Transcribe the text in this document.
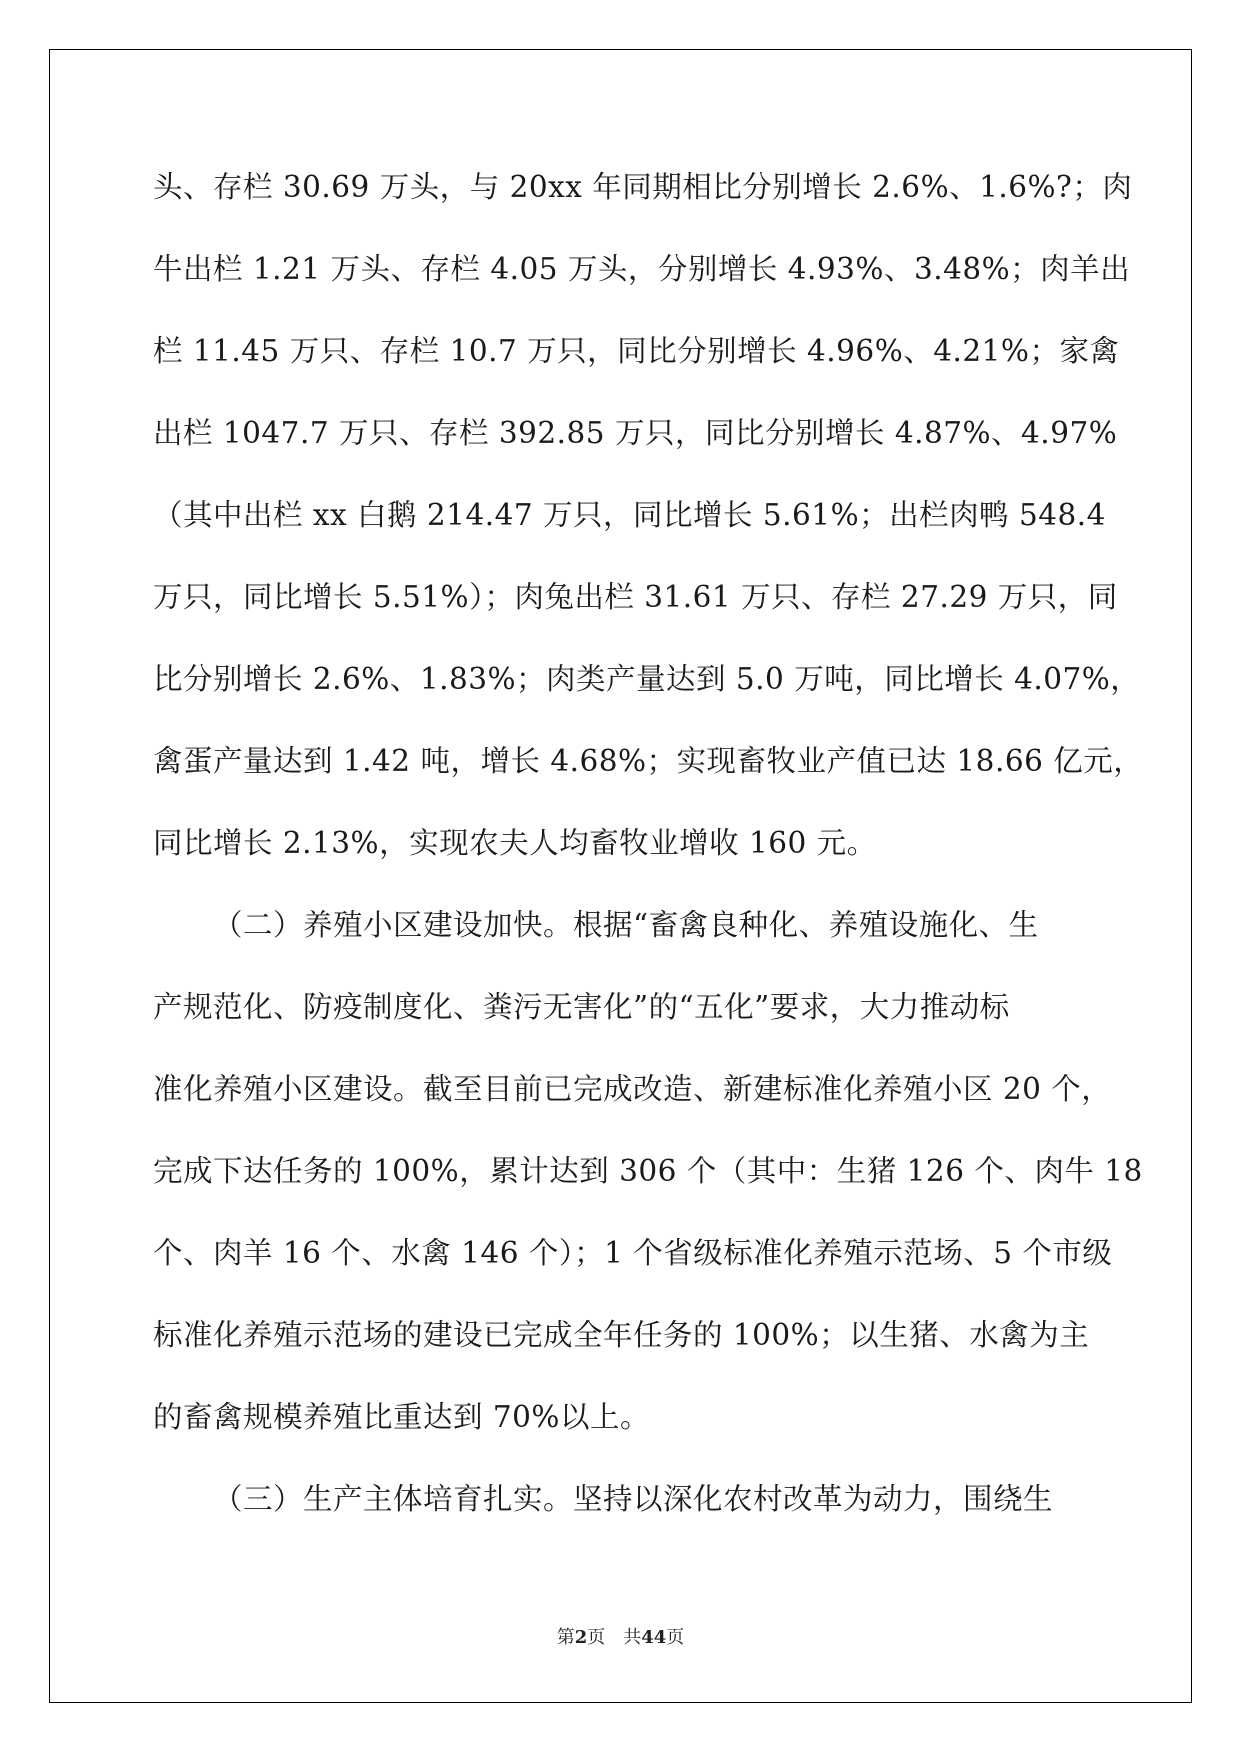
头、存栏 30.69 万头，与 20xx 年同期相比分别增长 2.6%、1.6%?；肉
牛出栏 1.21 万头、存栏 4.05 万头，分别增长 4.93%、3.48%；肉羊出
栏 11.45 万只、存栏 10.7 万只，同比分别增长 4.96%、4.21%；家禽
出栏 1047.7 万只、存栏 392.85 万只，同比分别增长 4.87%、4.97%
（其中出栏 xx 白鹅 214.47 万只，同比增长 5.61%；出栏肉鸭 548.4
万只，同比增长 5.51%）；肉兔出栏 31.61 万只、存栏 27.29 万只，同
比分别增长 2.6%、1.83%；肉类产量达到 5.0 万吨，同比增长 4.07%，
禽蛋产量达到 1.42 吨，增长 4.68%；实现畜牧业产值已达 18.66 亿元，
同比增长 2.13%，实现农夫人均畜牧业增收 160 元。
（二）养殖小区建设加快。根据“畜禽良种化、养殖设施化、生
产规范化、防疫制度化、粪污无害化”的“五化”要求，大力推动标
准化养殖小区建设。截至目前已完成改造、新建标准化养殖小区 20 个，
完成下达任务的 100%，累计达到 306 个（其中：生猪 126 个、肉牛 18
个、肉羊 16 个、水禽 146 个）；1 个省级标准化养殖示范场、5 个市级
标准化养殖示范场的建设已完成全年任务的 100%；以生猪、水禽为主
的畜禽规模养殖比重达到 70%以上。
（三）生产主体培育扎实。坚持以深化农村改革为动力，围绕生
第2页 共44页
